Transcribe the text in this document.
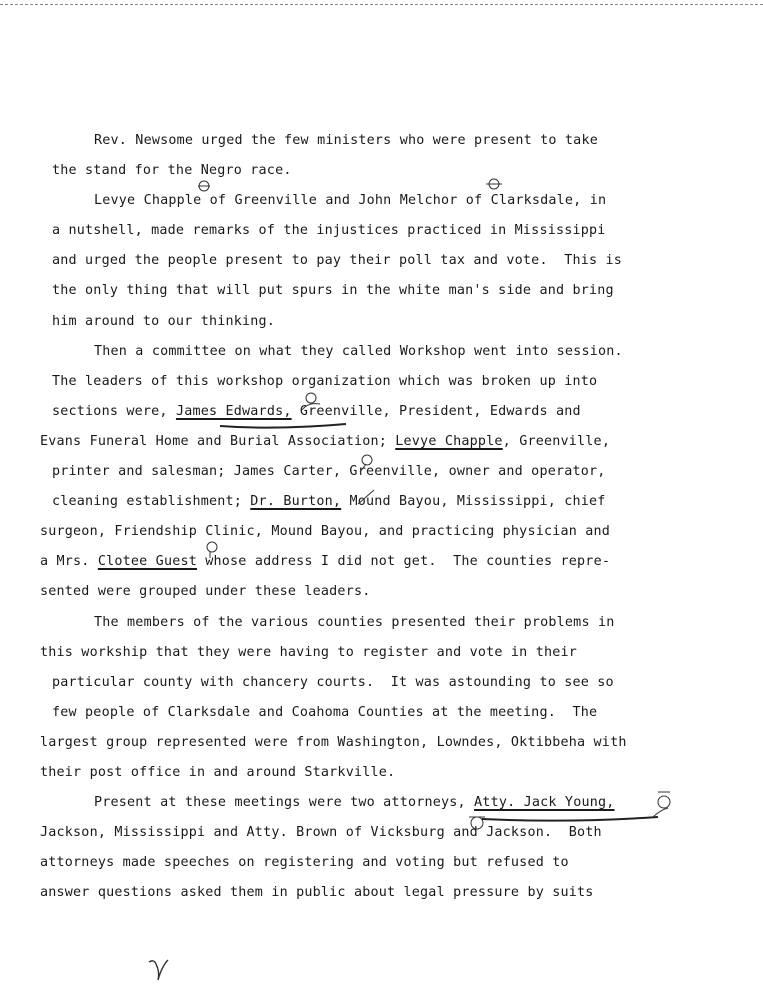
Rev. Newsome urged the few ministers who were present to take
the stand for the Negro race.
Levye Chapple of Greenville and John Melchor of Clarksdale, in
a nutshell, made remarks of the injustices practiced in Mississippi
and urged the people present to pay their poll tax and vote.  This is
the only thing that will put spurs in the white man's side and bring
him around to our thinking.
Then a committee on what they called Workshop went into session.
The leaders of this workshop organization which was broken up into
sections were, James Edwards, Greenville, President, Edwards and
Evans Funeral Home and Burial Association; Levye Chapple, Greenville,
printer and salesman; James Carter, Greenville, owner and operator,
cleaning establishment; Dr. Burton, Mound Bayou, Mississippi, chief
surgeon, Friendship Clinic, Mound Bayou, and practicing physician and
a Mrs. Clotee Guest whose address I did not get.  The counties repre-
sented were grouped under these leaders.
The members of the various counties presented their problems in
this workship that they were having to register and vote in their
particular county with chancery courts.  It was astounding to see so
few people of Clarksdale and Coahoma Counties at the meeting.  The
largest group represented were from Washington, Lowndes, Oktibbeha with
their post office in and around Starkville.
Present at these meetings were two attorneys, Atty. Jack Young,
Jackson, Mississippi and Atty. Brown of Vicksburg and Jackson.  Both
attorneys made speeches on registering and voting but refused to
answer questions asked them in public about legal pressure by suits
